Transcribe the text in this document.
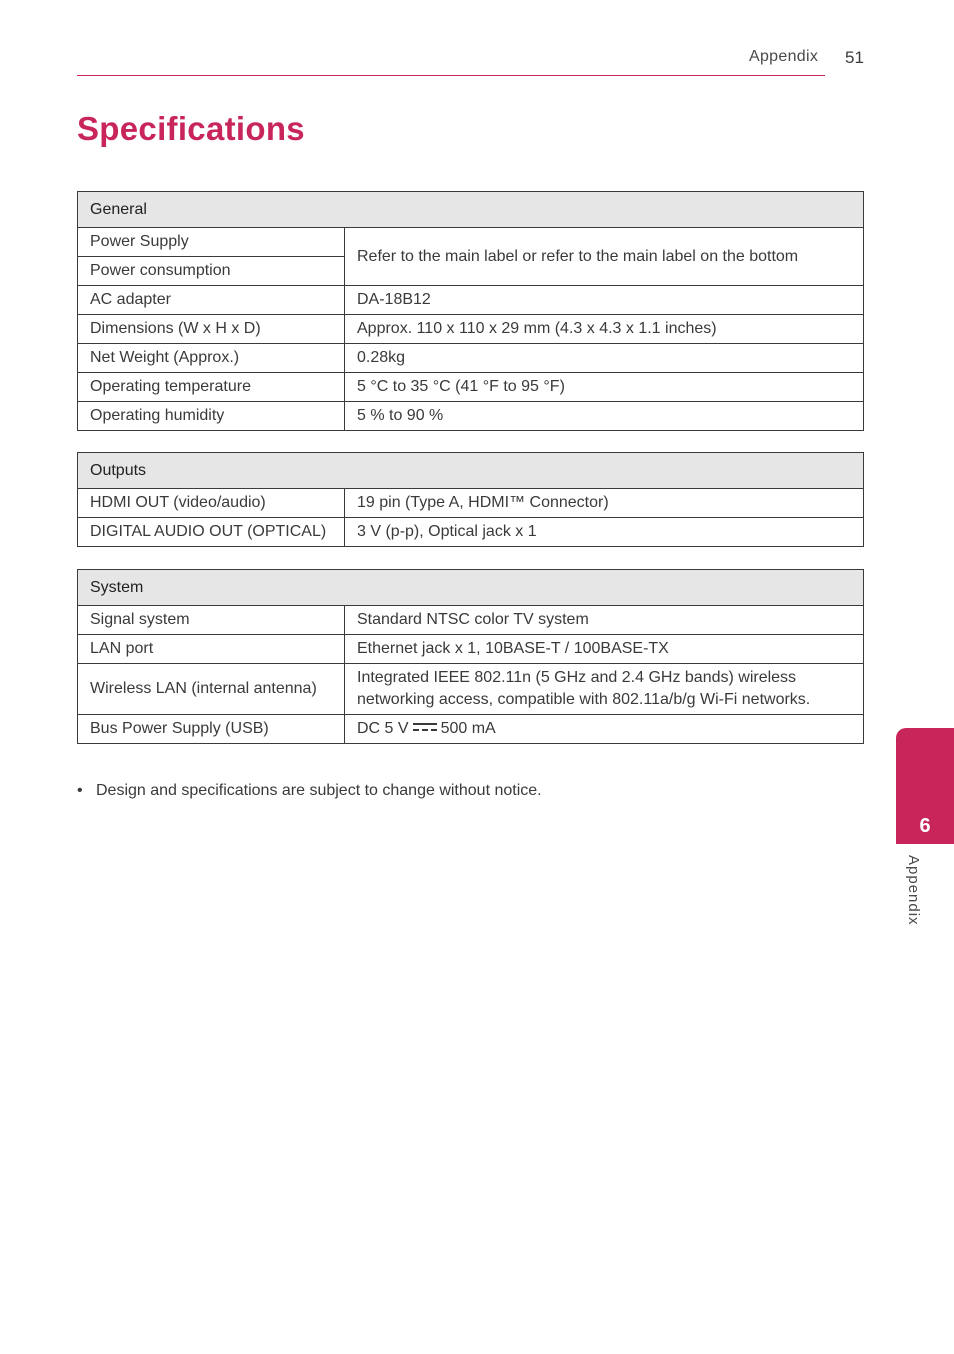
Appendix 51
Specifications
General	
Power Supply	Refer to the main label or refer to the main label on the bottom
Power consumption	
AC adapter	DA-18B12
Dimensions (W x H x D)	Approx. 110 x 110 x 29 mm (4.3 x 4.3 x 1.1 inches)
Net Weight (Approx.)	0.28kg
Operating temperature	5 °C to 35 °C (41 °F to 95 °F)
Operating humidity	5 % to 90 %
Outputs	
HDMI OUT (video/audio)	19 pin (Type A, HDMI™ Connector)
DIGITAL AUDIO OUT (OPTICAL)	3 V (p-p), Optical jack x 1
System	
Signal system	Standard NTSC color TV system
LAN port	Ethernet jack x 1, 10BASE-T / 100BASE-TX
Wireless LAN (internal antenna)	Integrated IEEE 802.11n (5 GHz and 2.4 GHz bands) wireless
networking access, compatible with 802.11a/b/g Wi-Fi networks.
Bus Power Supply (USB)	DC 5 V 500 mA
• Design and specifications are subject to change without notice.
6
Appendix
